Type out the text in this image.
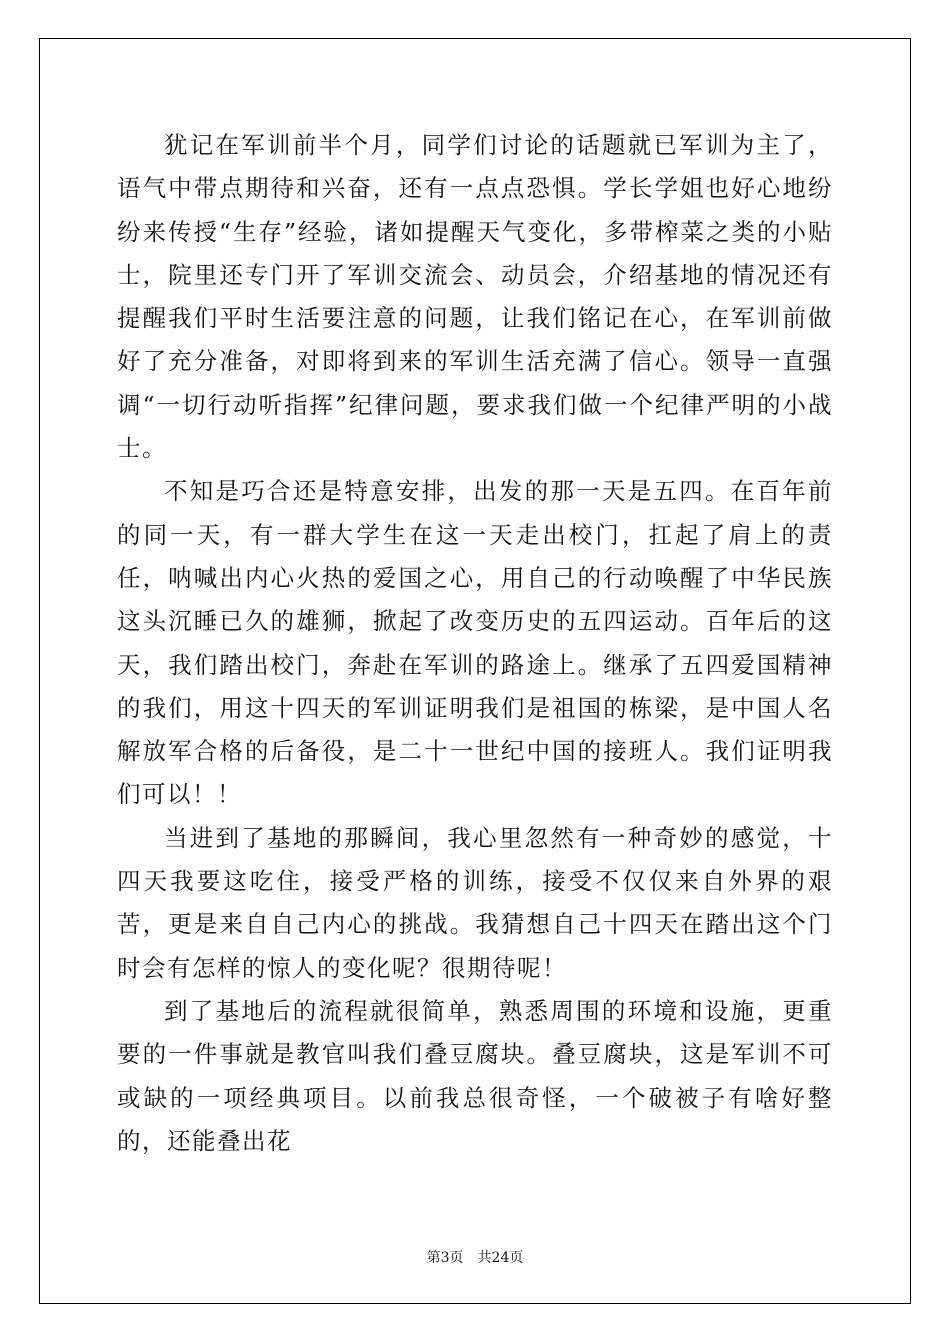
犹记在军训前半个月，同学们讨论的话题就已军训为主了，语气中带点期待和兴奋，还有一点点恐惧。学长学姐也好心地纷纷来传授“生存”经验，诸如提醒天气变化，多带榨菜之类的小贴士，院里还专门开了军训交流会、动员会，介绍基地的情况还有提醒我们平时生活要注意的问题，让我们铭记在心，在军训前做好了充分准备，对即将到来的军训生活充满了信心。领导一直强调“一切行动听指挥”纪律问题，要求我们做一个纪律严明的小战士。

不知是巧合还是特意安排，出发的那一天是五四。在百年前的同一天，有一群大学生在这一天走出校门，扛起了肩上的责任，呐喊出内心火热的爱国之心，用自己的行动唤醒了中华民族这头沉睡已久的雄狮，掀起了改变历史的五四运动。百年后的这天，我们踏出校门，奔赴在军训的路途上。继承了五四爱国精神的我们，用这十四天的军训证明我们是祖国的栋梁，是中国人名解放军合格的后备役，是二十一世纪中国的接班人。我们证明我们可以！！

当进到了基地的那瞬间，我心里忽然有一种奇妙的感觉，十四天我要这吃住，接受严格的训练，接受不仅仅来自外界的艰苦，更是来自自己内心的挑战。我猜想自己十四天在踏出这个门时会有怎样的惊人的变化呢？很期待呢！

到了基地后的流程就很简单，熟悉周围的环境和设施，更重要的一件事就是教官叫我们叠豆腐块。叠豆腐块，这是军训不可或缺的一项经典项目。以前我总很奇怪，一个破被子有啥好整的，还能叠出花

第3页 共24页
